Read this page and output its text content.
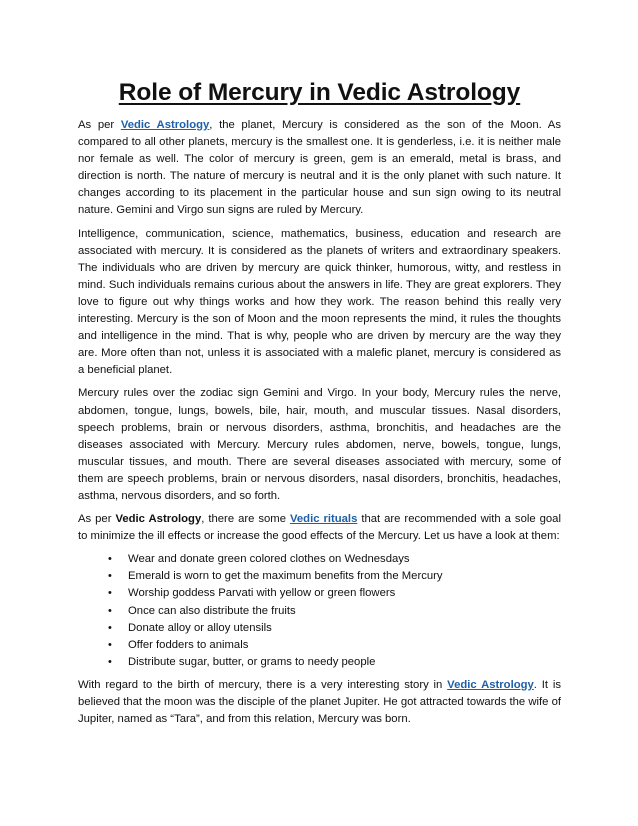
Role of Mercury in Vedic Astrology

As per Vedic Astrology, the planet, Mercury is considered as the son of the Moon. As compared to all other planets, mercury is the smallest one. It is genderless, i.e. it is neither male nor female as well. The color of mercury is green, gem is an emerald, metal is brass, and direction is north. The nature of mercury is neutral and it is the only planet with such nature. It changes according to its placement in the particular house and sun sign owing to its neutral nature. Gemini and Virgo sun signs are ruled by Mercury.

Intelligence, communication, science, mathematics, business, education and research are associated with mercury. It is considered as the planets of writers and extraordinary speakers. The individuals who are driven by mercury are quick thinker, humorous, witty, and restless in mind. Such individuals remains curious about the answers in life. They are great explorers. They love to figure out why things works and how they work. The reason behind this really very interesting. Mercury is the son of Moon and the moon represents the mind, it rules the thoughts and intelligence in the mind. That is why, people who are driven by mercury are the way they are. More often than not, unless it is associated with a malefic planet, mercury is considered as a beneficial planet.

Mercury rules over the zodiac sign Gemini and Virgo. In your body, Mercury rules the nerve, abdomen, tongue, lungs, bowels, bile, hair, mouth, and muscular tissues. Nasal disorders, speech problems, brain or nervous disorders, asthma, bronchitis, and headaches are the diseases associated with Mercury. Mercury rules abdomen, nerve, bowels, tongue, lungs, muscular tissues, and mouth. There are several diseases associated with mercury, some of them are speech problems, brain or nervous disorders, nasal disorders, bronchitis, headaches, asthma, nervous disorders, and so forth.

As per Vedic Astrology, there are some Vedic rituals that are recommended with a sole goal to minimize the ill effects or increase the good effects of the Mercury. Let us have a look at them:

• Wear and donate green colored clothes on Wednesdays
• Emerald is worn to get the maximum benefits from the Mercury
• Worship goddess Parvati with yellow or green flowers
• Once can also distribute the fruits
• Donate alloy or alloy utensils
• Offer fodders to animals
• Distribute sugar, butter, or grams to needy people

With regard to the birth of mercury, there is a very interesting story in Vedic Astrology. It is believed that the moon was the disciple of the planet Jupiter. He got attracted towards the wife of Jupiter, named as “Tara”, and from this relation, Mercury was born.
